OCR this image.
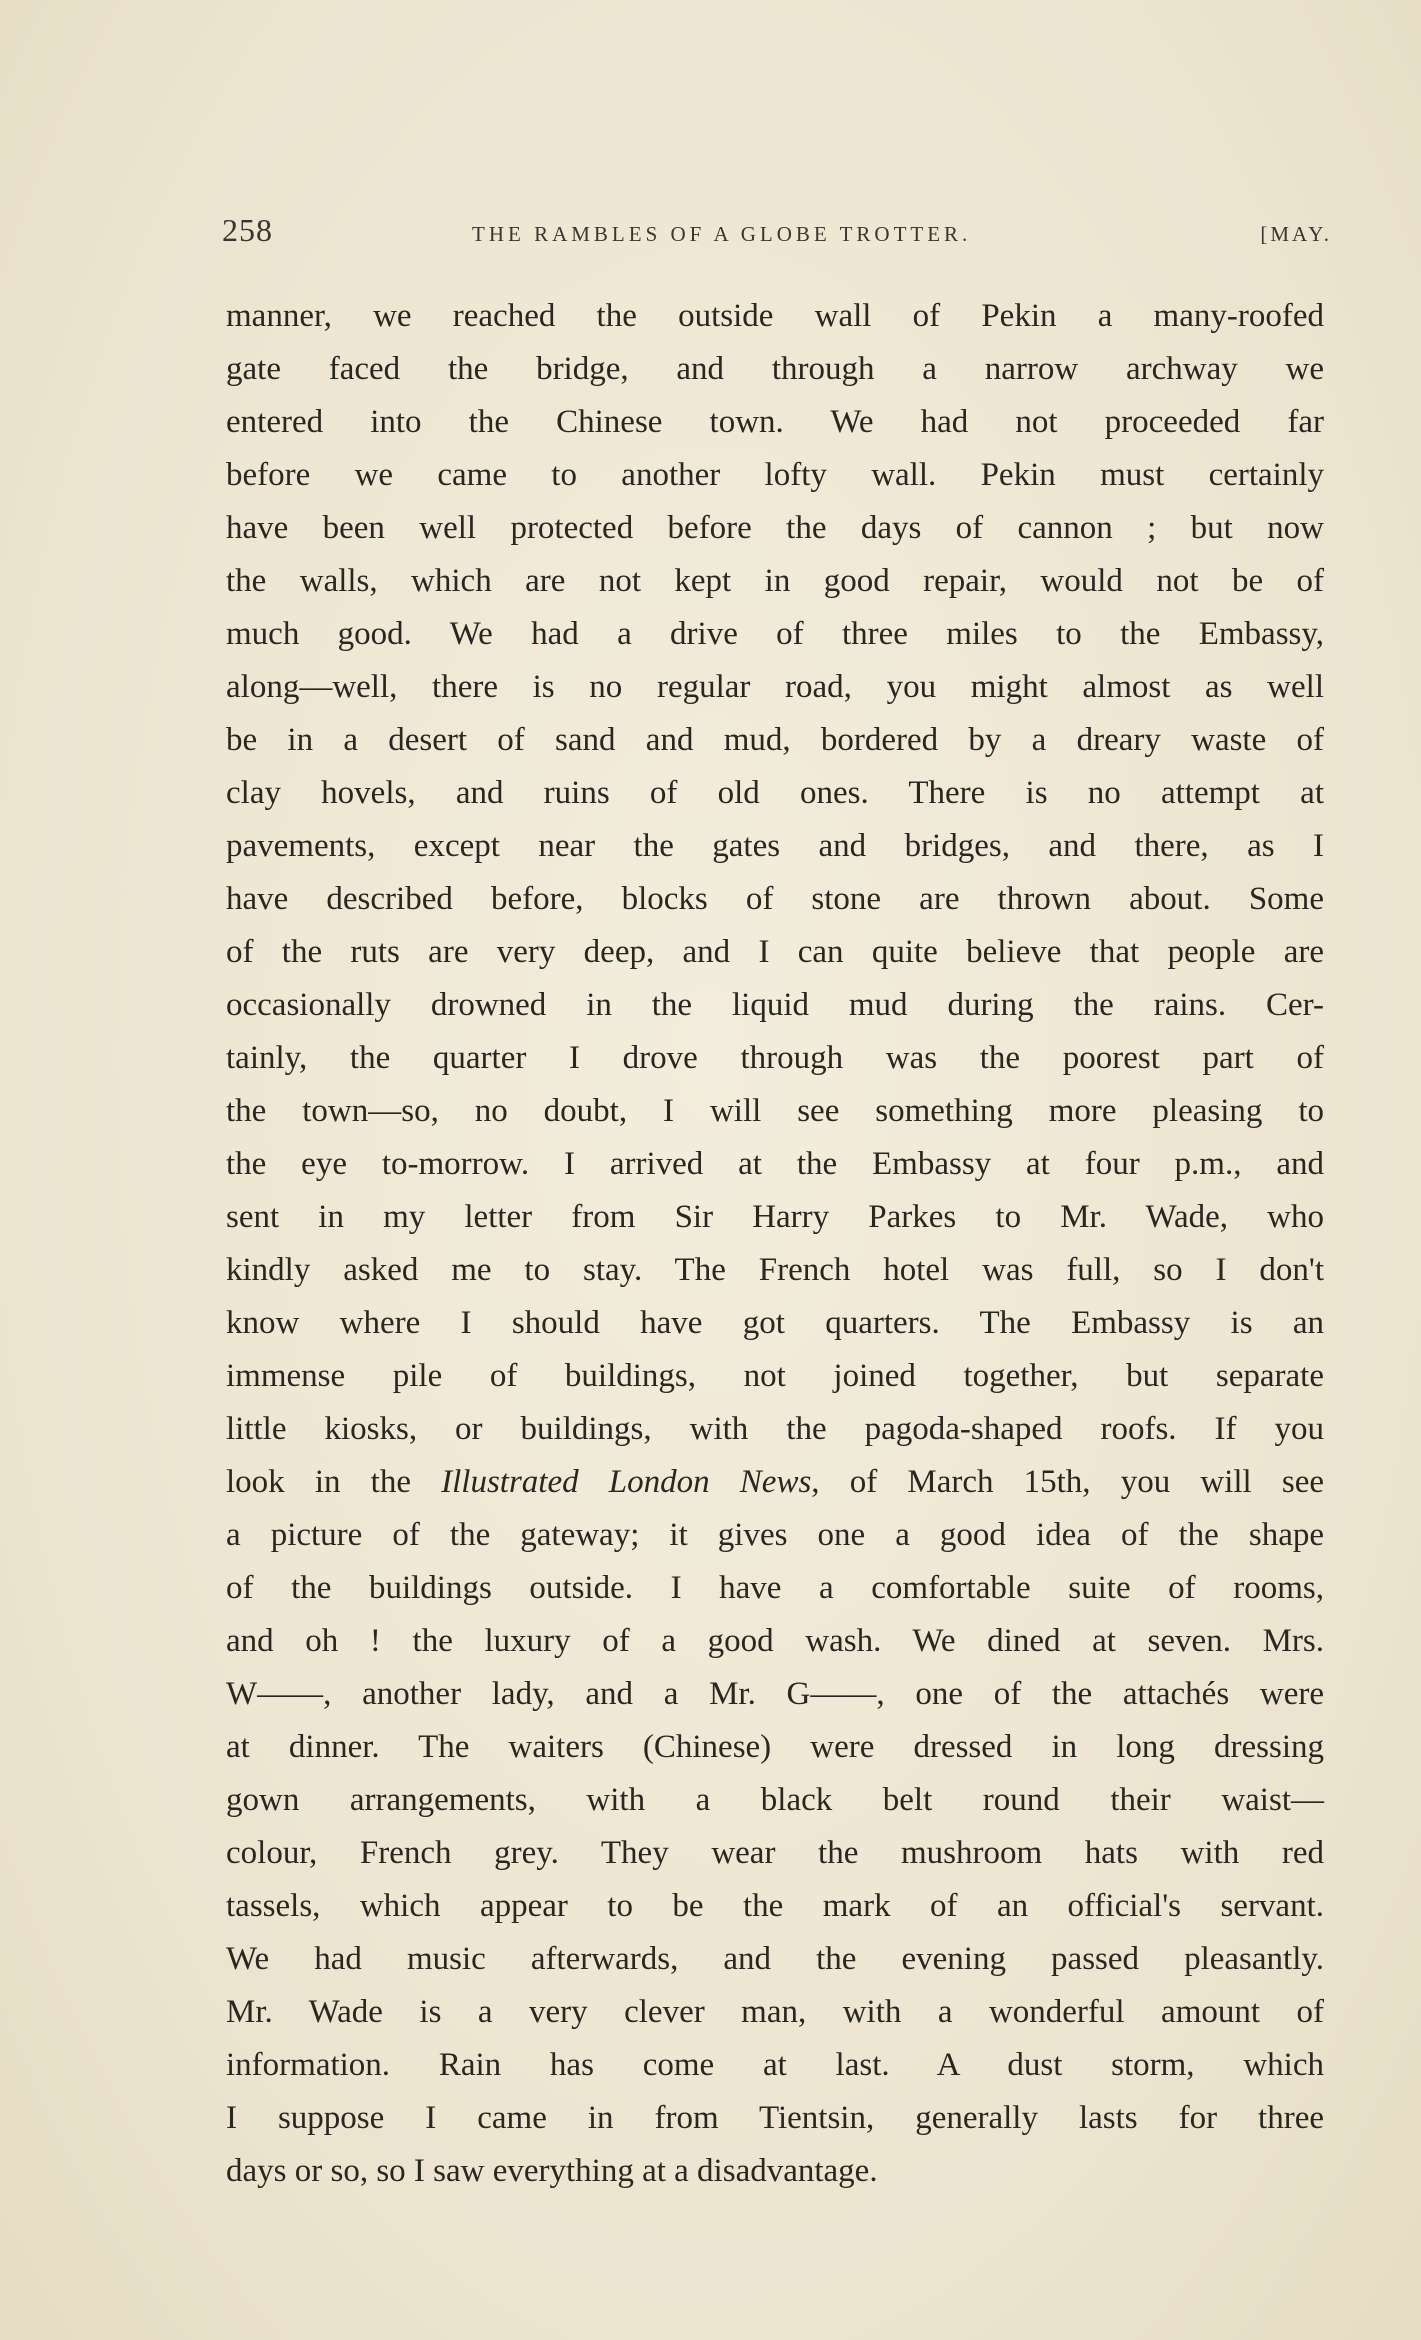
258	THE RAMBLES OF A GLOBE TROTTER.	[MAY.
manner, we reached the outside wall of Pekin a many-roofed
gate faced the bridge, and through a narrow archway we
entered into the Chinese town. We had not proceeded far
before we came to another lofty wall. Pekin must certainly
have been well protected before the days of cannon ; but now
the walls, which are not kept in good repair, would not be of
much good. We had a drive of three miles to the Embassy,
along—well, there is no regular road, you might almost as well
be in a desert of sand and mud, bordered by a dreary waste of
clay hovels, and ruins of old ones. There is no attempt at
pavements, except near the gates and bridges, and there, as I
have described before, blocks of stone are thrown about. Some
of the ruts are very deep, and I can quite believe that people are
occasionally drowned in the liquid mud during the rains. Cer-
tainly, the quarter I drove through was the poorest part of
the town—so, no doubt, I will see something more pleasing to
the eye to-morrow. I arrived at the Embassy at four p.m., and
sent in my letter from Sir Harry Parkes to Mr. Wade, who
kindly asked me to stay. The French hotel was full, so I don't
know where I should have got quarters. The Embassy is an
immense pile of buildings, not joined together, but separate
little kiosks, or buildings, with the pagoda-shaped roofs. If you
look in the Illustrated London News, of March 15th, you will see
a picture of the gateway; it gives one a good idea of the shape
of the buildings outside. I have a comfortable suite of rooms,
and oh ! the luxury of a good wash. We dined at seven. Mrs.
W——, another lady, and a Mr. G——, one of the attachés were
at dinner. The waiters (Chinese) were dressed in long dressing
gown arrangements, with a black belt round their waist—
colour, French grey. They wear the mushroom hats with red
tassels, which appear to be the mark of an official's servant.
We had music afterwards, and the evening passed pleasantly.
Mr. Wade is a very clever man, with a wonderful amount of
information. Rain has come at last. A dust storm, which
I suppose I came in from Tientsin, generally lasts for three
days or so, so I saw everything at a disadvantage.
